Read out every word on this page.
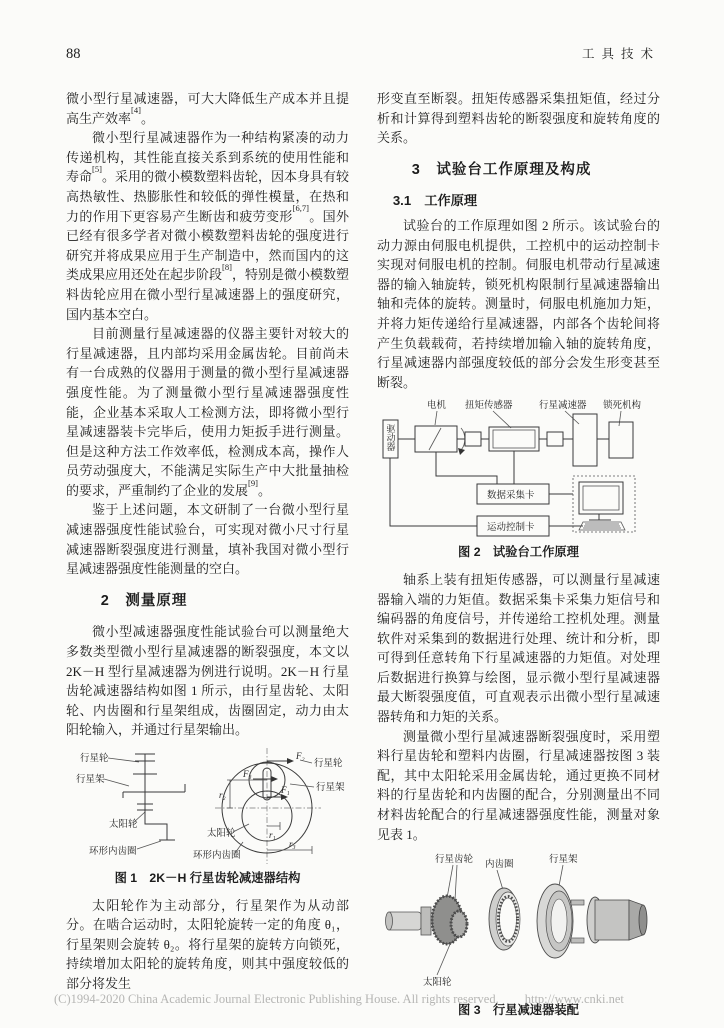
88	工具技术

微小型行星减速器，可大大降低生产成本并且提高生产效率[4]。

微小型行星减速器作为一种结构紧凑的动力传递机构，其性能直接关系到系统的使用性能和寿命[5]。采用的微小模数塑料齿轮，因本身具有较高热敏性、热膨胀性和较低的弹性模量，在热和力的作用下更容易产生断齿和疲劳变形[6,7]。国外已经有很多学者对微小模数塑料齿轮的强度进行研究并将成果应用于生产制造中，然而国内的这类成果应用还处在起步阶段[8]，特别是微小模数塑料齿轮应用在微小型行星减速器上的强度研究，国内基本空白。

目前测量行星减速器的仪器主要针对较大的行星减速器，且内部均采用金属齿轮。目前尚未有一台成熟的仪器用于测量的微小型行星减速器强度性能。为了测量微小型行星减速器强度性能，企业基本采取人工检测方法，即将微小型行星减速器装卡完毕后，使用力矩扳手进行测量。但是这种方法工作效率低，检测成本高，操作人员劳动强度大，不能满足实际生产中大批量抽检的要求，严重制约了企业的发展[9]。

鉴于上述问题，本文研制了一台微小型行星减速器强度性能试验台，可实现对微小尺寸行星减速器断裂强度进行测量，填补我国对微小型行星减速器强度性能测量的空白。

2　测量原理

微小型减速器强度性能试验台可以测量绝大多数类型微小型行星减速器的断裂强度，本文以 2K－H 型行星减速器为例进行说明。2K－H 行星齿轮减速器结构如图 1 所示，由行星齿轮、太阳轮、内齿圈和行星架组成，齿圈固定，动力由太阳轮输入，并通过行星架输出。

行星轮
行星架
太阳轮
环形内齿圈
F₂
F₃
F₁
行星轮
行星架
太阳轮
环形内齿圈
r₂
r₁
r₃
图 1　2K－H 行星齿轮减速器结构

太阳轮作为主动部分，行星架作为从动部分。在啮合运动时，太阳轮旋转一定的角度 θ₁，行星架则会旋转 θ₂。将行星架的旋转方向锁死，持续增加太阳轮的旋转角度，则其中强度较低的部分将发生

形变直至断裂。扭矩传感器采集扭矩值，经过分析和计算得到塑料齿轮的断裂强度和旋转角度的关系。

3　试验台工作原理及构成
3.1　工作原理

试验台的工作原理如图 2 所示。该试验台的动力源由伺服电机提供，工控机中的运动控制卡实现对伺服电机的控制。伺服电机带动行星减速器的输入轴旋转，锁死机构限制行星减速器输出轴和壳体的旋转。测量时，伺服电机施加力矩，并将力矩传递给行星减速器，内部各个齿轮间将产生负载载荷，若持续增加输入轴的旋转角度，行星减速器内部强度较低的部分会发生形变甚至断裂。

电机 扭矩传感器	行星减速器 锁死机构
驱动器
数据采集卡
运动控制卡
图 2　试验台工作原理

轴系上装有扭矩传感器，可以测量行星减速器输入端的力矩值。数据采集卡采集力矩信号和编码器的角度信号，并传递给工控机处理。测量软件对采集到的数据进行处理、统计和分析，即可得到任意转角下行星减速器的力矩值。对处理后数据进行换算与绘图，显示微小型行星减速器最大断裂强度值，可直观表示出微小型行星减速器转角和力矩的关系。

测量微小型行星减速器断裂强度时，采用塑料行星齿轮和塑料内齿圈，行星减速器按图 3 装配，其中太阳轮采用金属齿轮，通过更换不同材料的行星齿轮和内齿圈的配合，分别测量出不同材料齿轮配合的行星减速器强度性能，测量对象见表 1。

行星齿轮 内齿圈	行星架
太阳轮
图 3　行星减速器装配
(C)1994-2020 China Academic Journal Electronic Publishing House. All rights reserved. http://www.cnki.net
